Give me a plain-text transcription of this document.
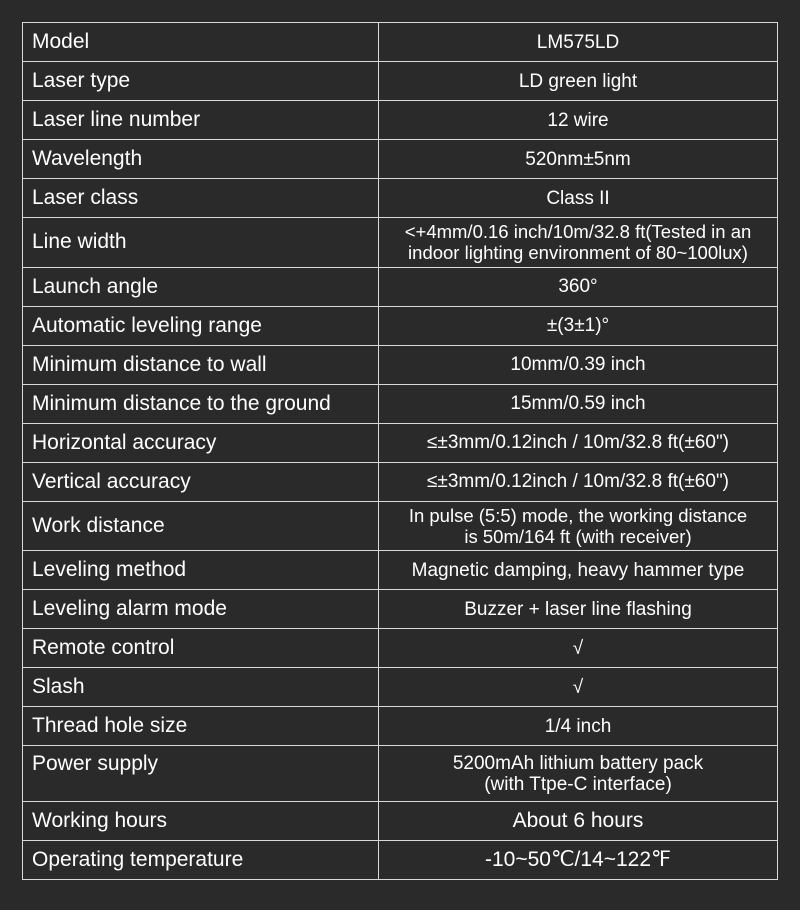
Model	LM575LD
Laser type	LD green light
Laser line number	12 wire
Wavelength	520nm±5nm
Laser class	Class II
Line width	<+4mm/0.16 inch/10m/32.8 ft(Tested in an
indoor lighting environment of 80~100lux)

Launch angle	360°
Automatic leveling range	±(3±1)°
Minimum distance to wall	10mm/0.39 inch
Minimum distance to the ground	15mm/0.59 inch
Horizontal accuracy	≤±3mm/0.12inch / 10m/32.8 ft(±60")
Vertical accuracy	≤±3mm/0.12inch / 10m/32.8 ft(±60")
Work distance	In pulse (5:5) mode, the working distance
is 50m/164 ft (with receiver)

Leveling method	Magnetic damping, heavy hammer type
Leveling alarm mode	Buzzer + laser line flashing
Remote control	√
Slash	√
Thread hole size	1/4 inch
Power supply	5200mAh lithium battery pack
(with Ttpe-C interface)

Working hours	About 6 hours
Operating temperature	-10~50℃/14~122℉
